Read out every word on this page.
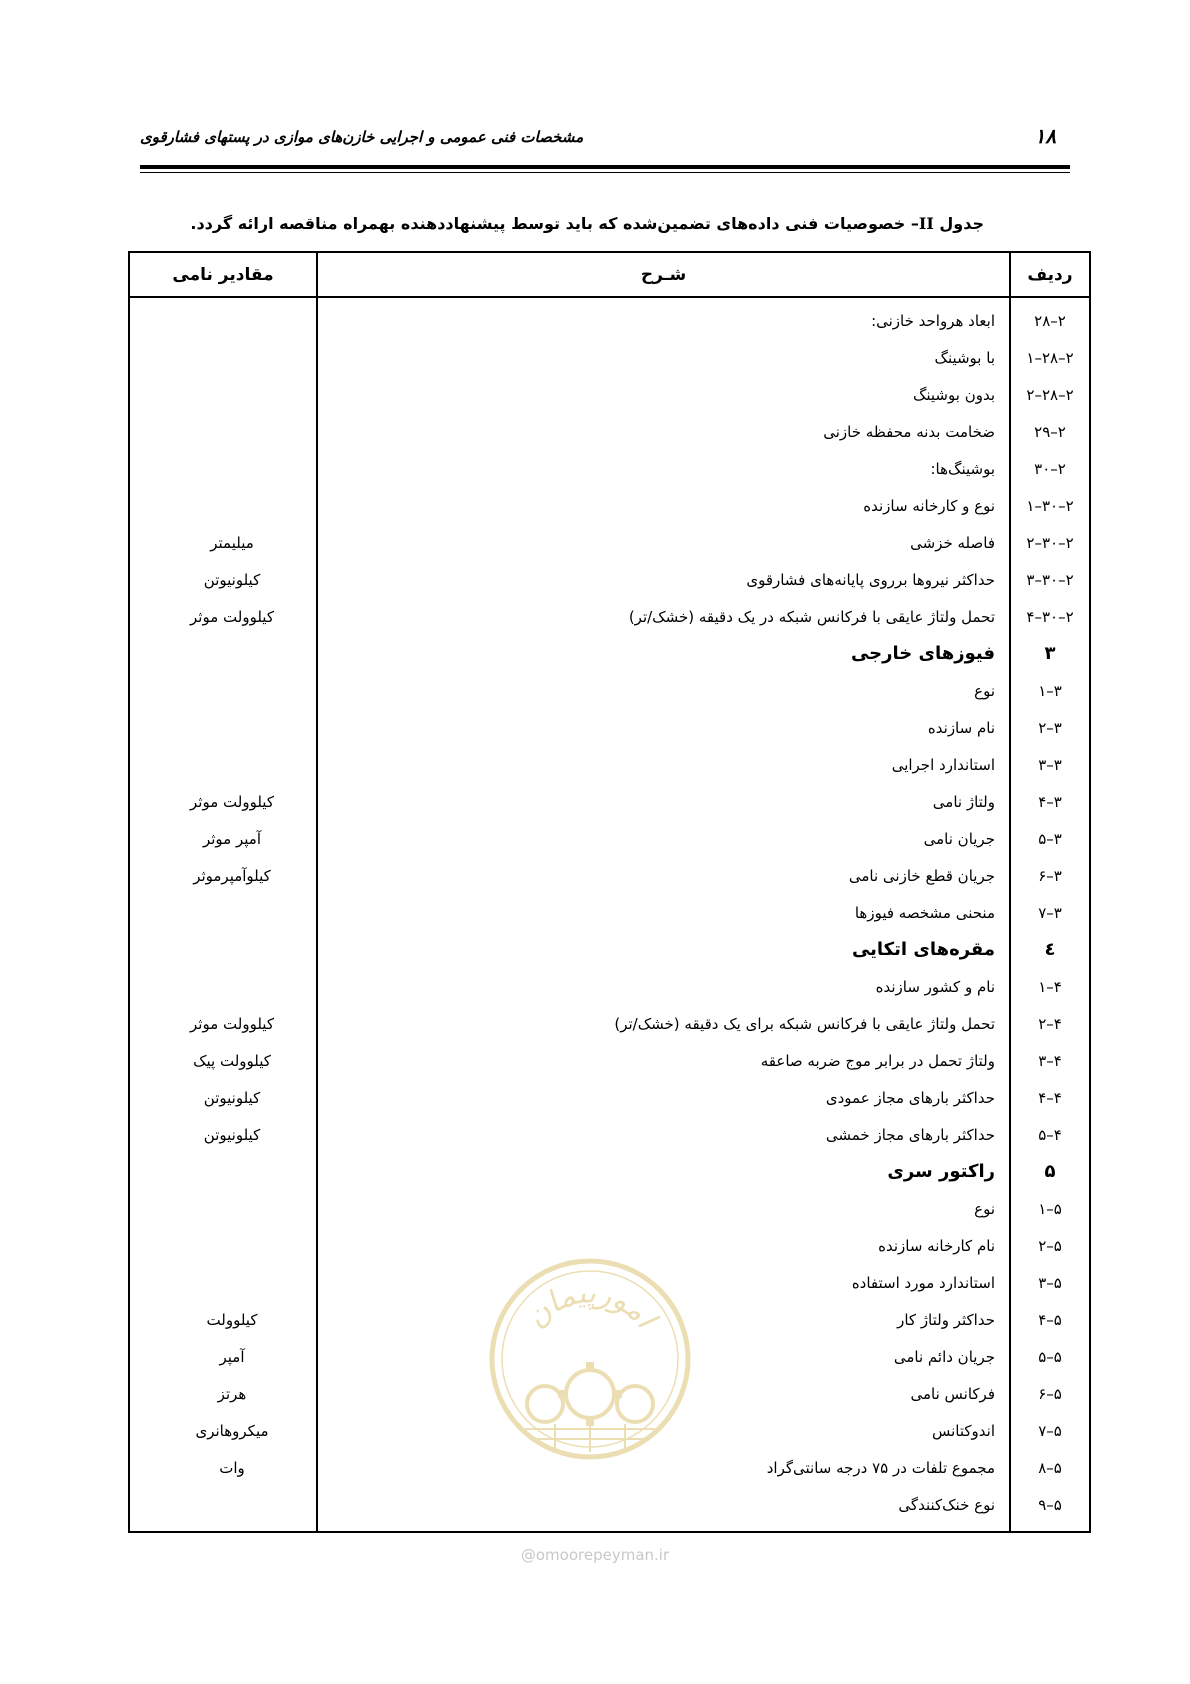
۱۸
مشخصات فنی عمومی و اجرایی خازن‌های موازی در پستهای فشارقوی
جدول II– خصوصیات فنی داده‌های تضمین‌شده که باید توسط پیشنهاددهنده بهمراه مناقصه ارائه گردد.
ردیف	شـرح	مقادیر نامی
۲–۲۸	ابعاد هرواحد خازنی:	
۲–۲۸–۱	با بوشینگ	
۲–۲۸–۲	بدون بوشینگ	
۲–۲۹	ضخامت بدنه محفظه خازنی	
۲–۳۰	بوشینگ‌ها:	
۲–۳۰–۱	نوع و کارخانه سازنده	
۲–۳۰–۲	فاصله خزشی	میلیمتر
۲–۳۰–۳	حداکثر نیروها برروی پایانه‌های فشارقوی	کیلونیوتن
۲–۳۰–۴	تحمل ولتاژ عایقی با فرکانس شبکه در یک دقیقه (خشک/تر)	کیلوولت موثر
۳	فیوزهای خارجی	
۳–۱	نوع	
۳–۲	نام سازنده	
۳–۳	استاندارد اجرایی	
۳–۴	ولتاژ نامی	کیلوولت موثر
۳–۵	جریان نامی	آمپر موثر
۳–۶	جریان قطع خازنی نامی	کیلوآمپرموثر
۳–۷	منحنی مشخصه فیوزها	
٤	مقره‌های اتکایی	
۴–۱	نام و کشور سازنده	
۴–۲	تحمل ولتاژ عایقی با فرکانس شبکه برای یک دقیقه (خشک/تر)	کیلوولت موثر
۴–۳	ولتاژ تحمل در برابر موج ضربه صاعقه	کیلوولت پیک
۴–۴	حداکثر بارهای مجاز عمودی	کیلونیوتن
۴–۵	حداکثر بارهای مجاز خمشی	کیلونیوتن
۵	راکتور سری	
۵–۱	نوع	
۵–۲	نام کارخانه سازنده	
۵–۳	استاندارد مورد استفاده	
۵–۴	حداکثر ولتاژ کار	کیلوولت
۵–۵	جریان دائم نامی	آمپر
۵–۶	فرکانس نامی	هرتز
۵–۷	اندوکتانس	میکروهانری
۵–۸	مجموع تلفات در ۷۵ درجه سانتی‌گراد	وات
۵–۹	نوع خنک‌کنندگی	
امورپیمان
@omoorepeyman.ir
